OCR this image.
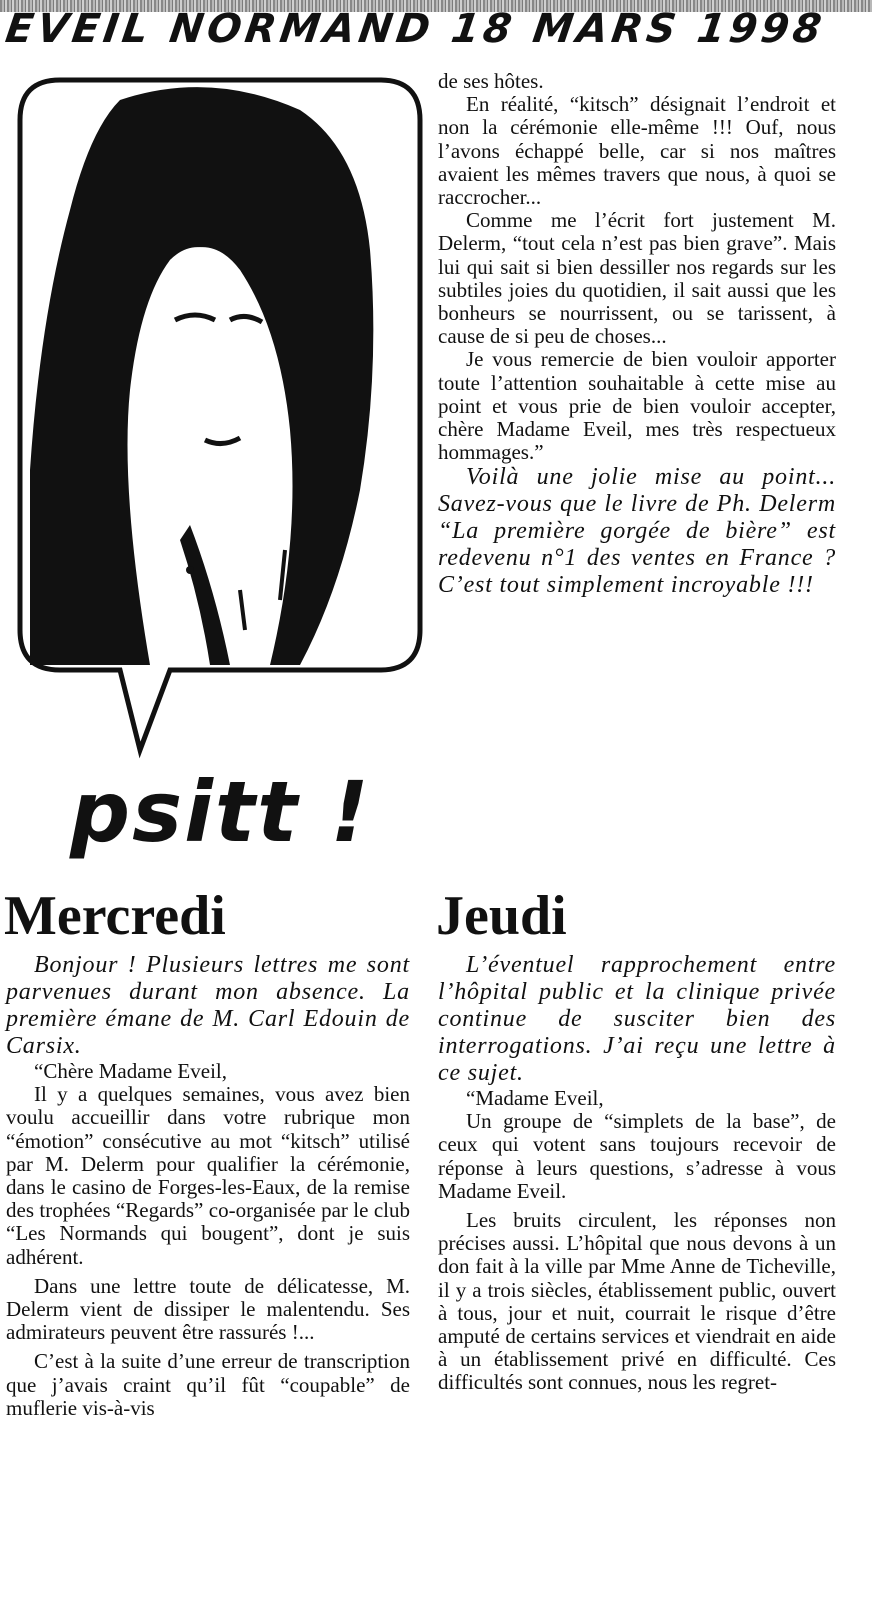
EVEIL NORMAND 18 MARS 1998
psitt !

de ses hôtes.

En réalité, “kitsch” désignait l’endroit et non la cérémonie elle-même !!! Ouf, nous l’avons échappé belle, car si nos maîtres avaient les mêmes travers que nous, à quoi se raccrocher...

Comme me l’écrit fort justement M. Delerm, “tout cela n’est pas bien grave”. Mais lui qui sait si bien dessiller nos regards sur les subtiles joies du quotidien, il sait aussi que les bonheurs se nourrissent, ou se tarissent, à cause de si peu de choses...

Je vous remercie de bien vouloir apporter toute l’attention souhaitable à cette mise au point et vous prie de bien vouloir accepter, chère Madame Eveil, mes très respectueux hommages.”

Voilà une jolie mise au point... Savez-vous que le livre de Ph. Delerm “La première gorgée de bière” est redevenu n°1 des ventes en France ? C’est tout simplement incroyable !!!

Mercredi	Jeudi

Bonjour ! Plusieurs lettres me sont parvenues durant mon absence. La première émane de M. Carl Edouin de Carsix.

“Chère Madame Eveil,

Il y a quelques semaines, vous avez bien voulu accueillir dans votre rubrique mon “émotion” consécutive au mot “kitsch” utilisé par M. Delerm pour qualifier la cérémonie, dans le casino de Forges-les-Eaux, de la remise des trophées “Regards” co-organisée par le club “Les Normands qui bougent”, dont je suis adhérent.

Dans une lettre toute de délicatesse, M. Delerm vient de dissiper le malentendu. Ses admirateurs peuvent être rassurés !...

C’est à la suite d’une erreur de transcription que j’avais craint qu’il fût “coupable” de muflerie vis-à-vis

L’éventuel rapprochement entre l’hôpital public et la clinique privée continue de susciter bien des interrogations. J’ai reçu une lettre à ce sujet.

“Madame Eveil,

Un groupe de “simplets de la base”, de ceux qui votent sans toujours recevoir de réponse à leurs questions, s’adresse à vous Madame Eveil.

Les bruits circulent, les réponses non précises aussi. L’hôpital que nous devons à un don fait à la ville par Mme Anne de Ticheville, il y a trois siècles, établissement public, ouvert à tous, jour et nuit, courrait le risque d’être amputé de certains services et viendrait en aide à un établissement privé en difficulté. Ces difficultés sont connues, nous les regret-
